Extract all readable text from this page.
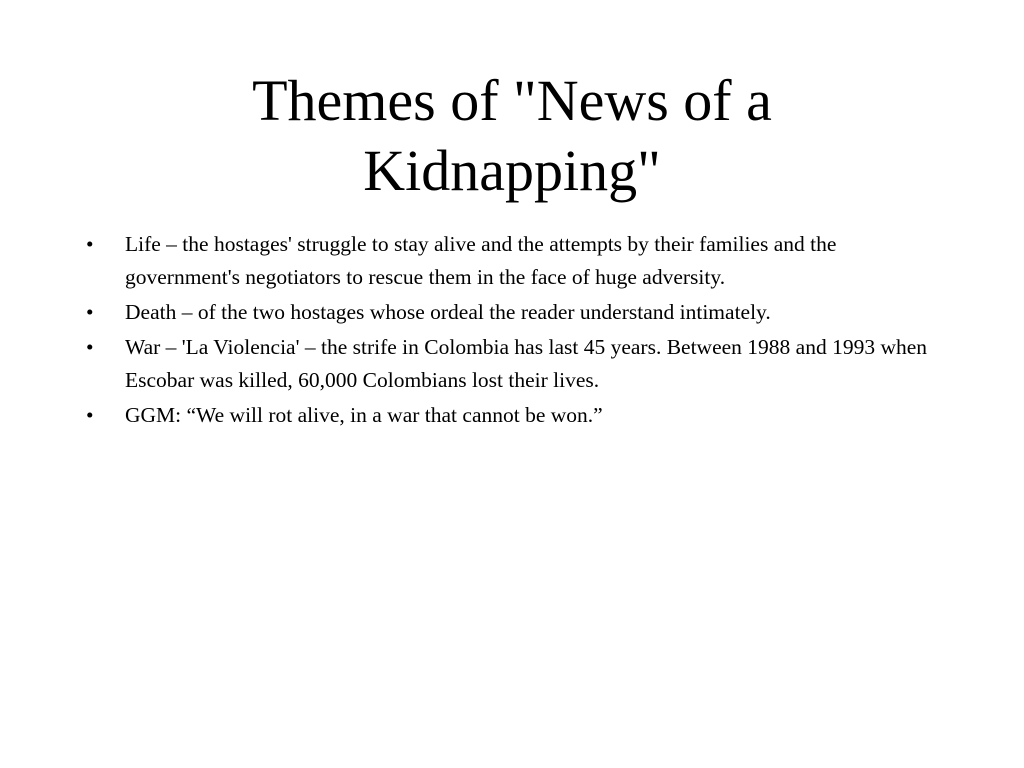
Themes of "News of a Kidnapping"
•	Life – the hostages' struggle to stay alive and the attempts by their families and the government's negotiators to rescue them in the face of huge adversity.
•	Death – of the two hostages whose ordeal the reader understand intimately.
•	War – 'La Violencia' – the strife in Colombia has last 45 years. Between 1988 and 1993 when Escobar was killed, 60,000 Colombians lost their lives.
•	GGM: “We will rot alive, in a war that cannot be won.”
